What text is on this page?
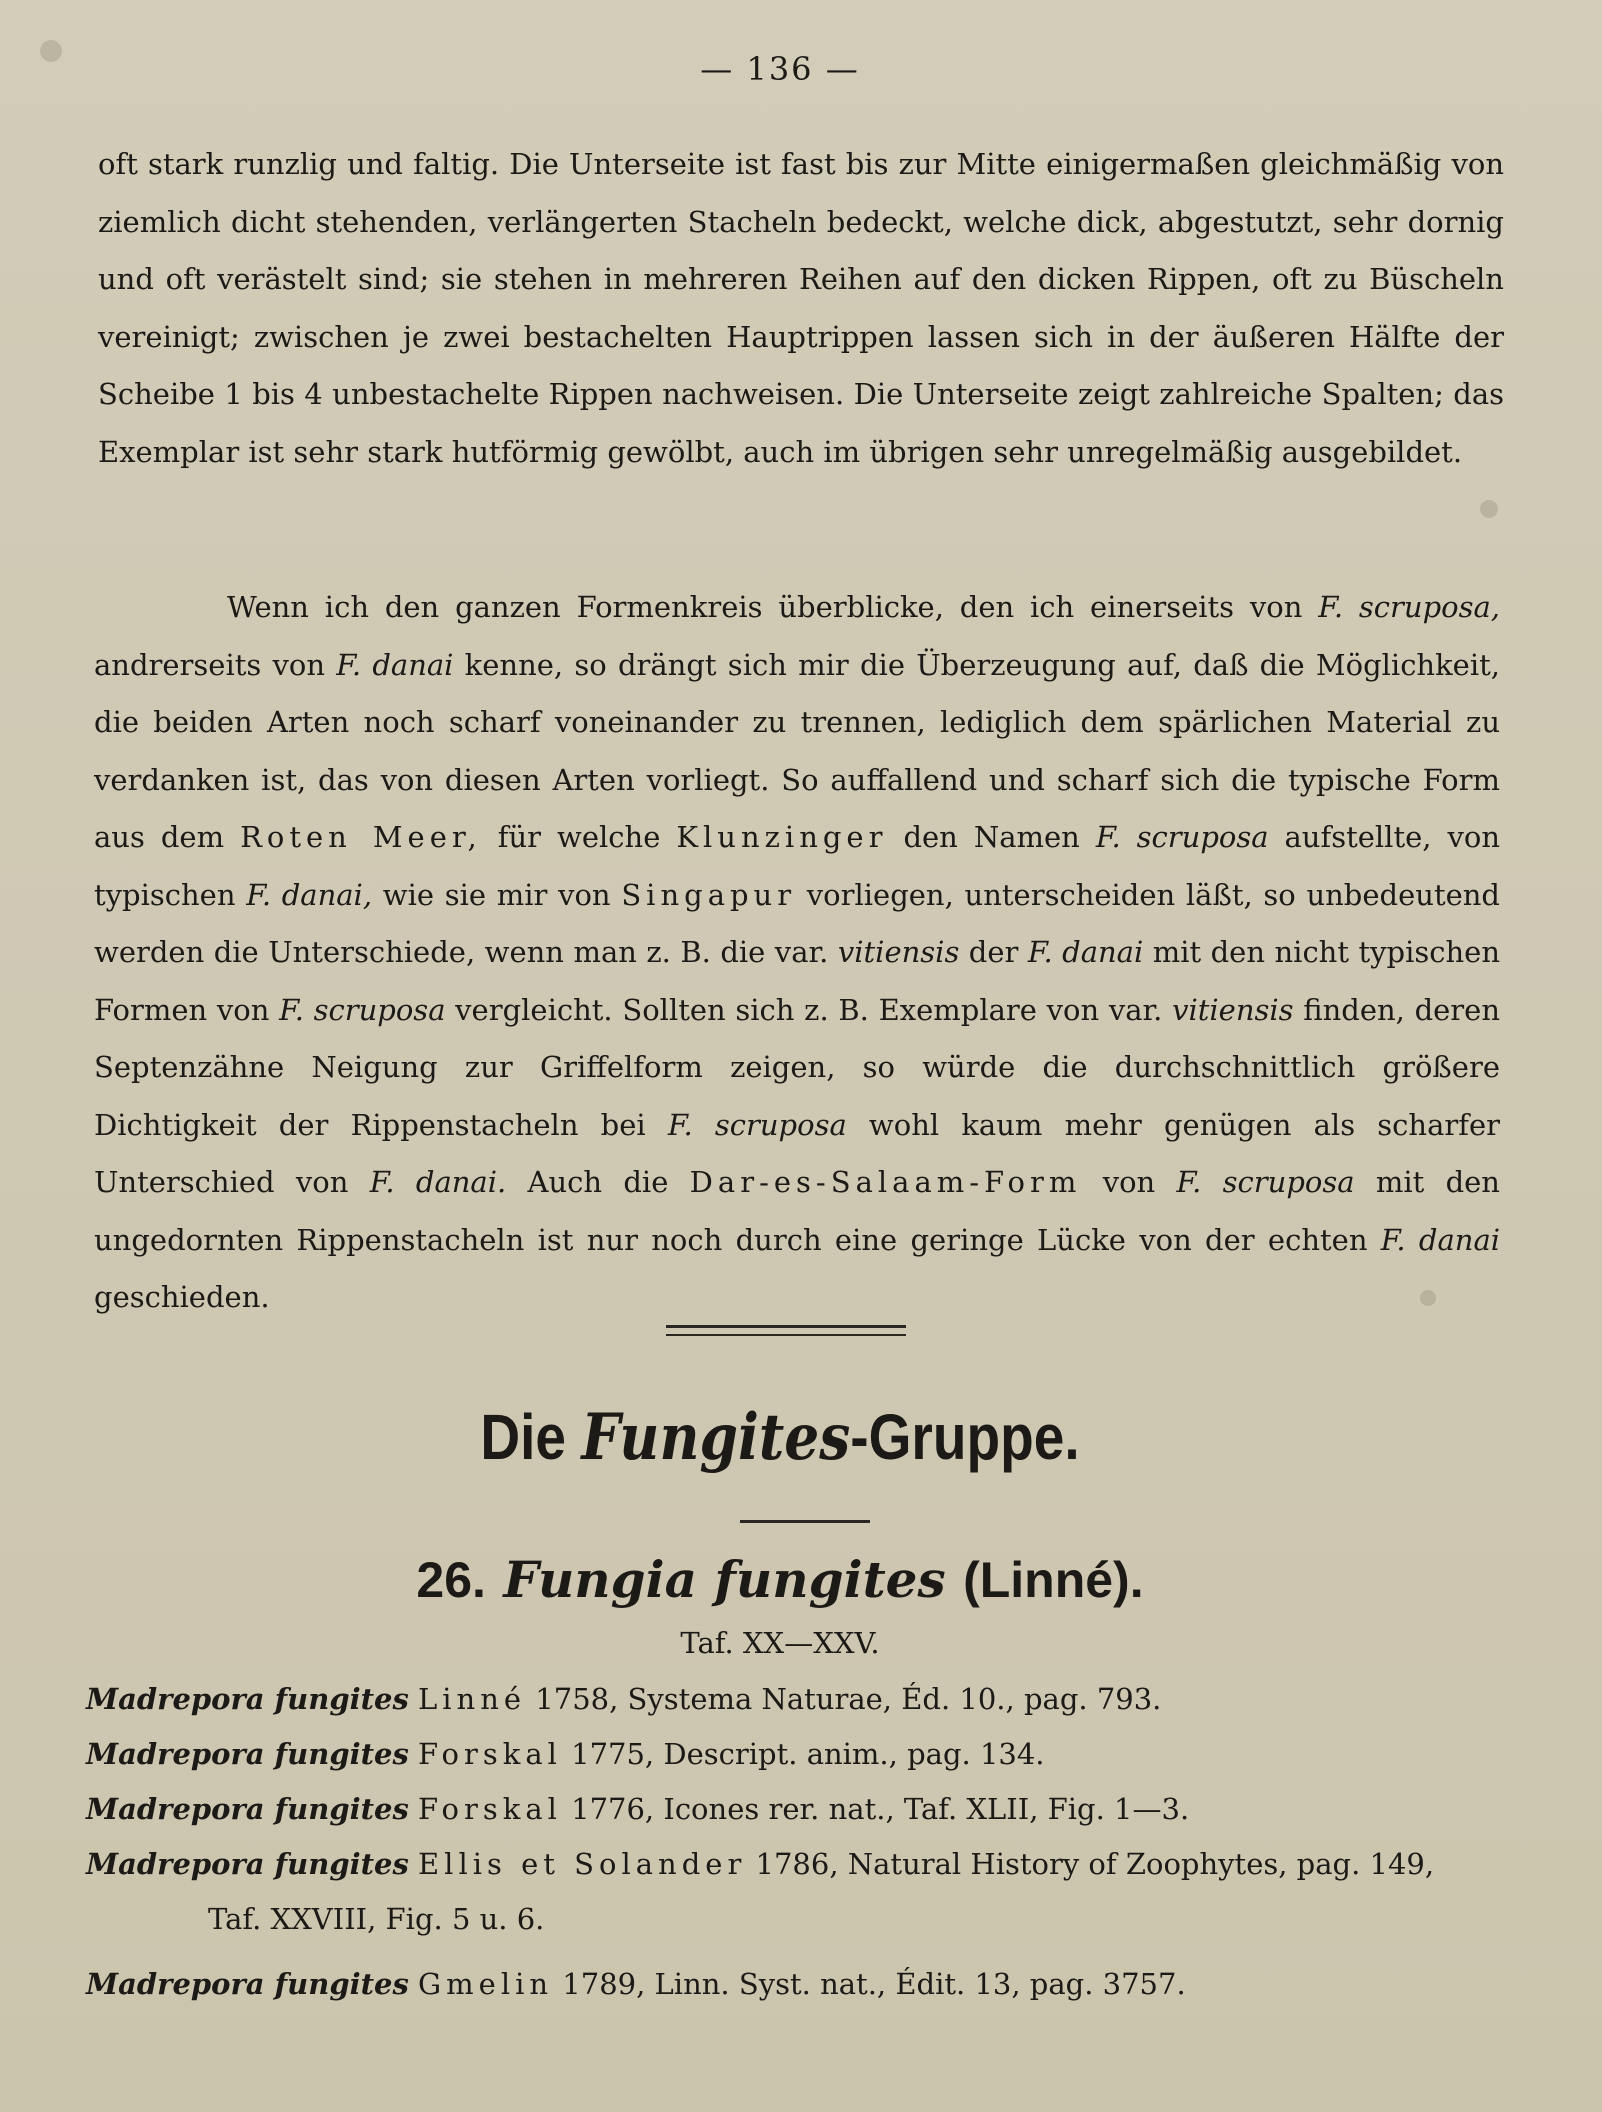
— 136 —
oft stark runzlig und faltig. Die Unterseite ist fast bis zur Mitte einigermaßen gleichmäßig von ziemlich dicht stehenden, verlängerten Stacheln bedeckt, welche dick, abgestutzt, sehr dornig und oft verästelt sind; sie stehen in mehreren Reihen auf den dicken Rippen, oft zu Büscheln vereinigt; zwischen je zwei bestachelten Hauptrippen lassen sich in der äußeren Hälfte der Scheibe 1 bis 4 unbestachelte Rippen nachweisen. Die Unterseite zeigt zahlreiche Spalten; das Exemplar ist sehr stark hutförmig gewölbt, auch im übrigen sehr unregelmäßig ausgebildet.
Wenn ich den ganzen Formenkreis überblicke, den ich einerseits von F. scruposa, andrerseits von F. danai kenne, so drängt sich mir die Überzeugung auf, daß die Möglichkeit, die beiden Arten noch scharf voneinander zu trennen, lediglich dem spärlichen Material zu verdanken ist, das von diesen Arten vorliegt. So auffallend und scharf sich die typische Form aus dem Roten Meer, für welche Klunzinger den Namen F. scruposa aufstellte, von typischen F. danai, wie sie mir von Singapur vorliegen, unterscheiden läßt, so unbedeutend werden die Unterschiede, wenn man z. B. die var. vitiensis der F. danai mit den nicht typischen Formen von F. scruposa vergleicht. Sollten sich z. B. Exemplare von var. vitiensis finden, deren Septenzähne Neigung zur Griffelform zeigen, so würde die durchschnittlich größere Dichtigkeit der Rippenstacheln bei F. scruposa wohl kaum mehr genügen als scharfer Unterschied von F. danai. Auch die Dar-es-Salaam-Form von F. scruposa mit den ungedornten Rippenstacheln ist nur noch durch eine geringe Lücke von der echten F. danai geschieden.
Die Fungites-Gruppe.
26. Fungia fungites (Linné).
Taf. XX—XXV.
Madrepora fungites Linné 1758, Systema Naturae, Éd. 10., pag. 793.
Madrepora fungites Forskal 1775, Descript. anim., pag. 134.
Madrepora fungites Forskal 1776, Icones rer. nat., Taf. XLII, Fig. 1—3.
Madrepora fungites Ellis et Solander 1786, Natural History of Zoophytes, pag. 149,
Taf. XXVIII, Fig. 5 u. 6.
Madrepora fungites Gmelin 1789, Linn. Syst. nat., Édit. 13, pag. 3757.
